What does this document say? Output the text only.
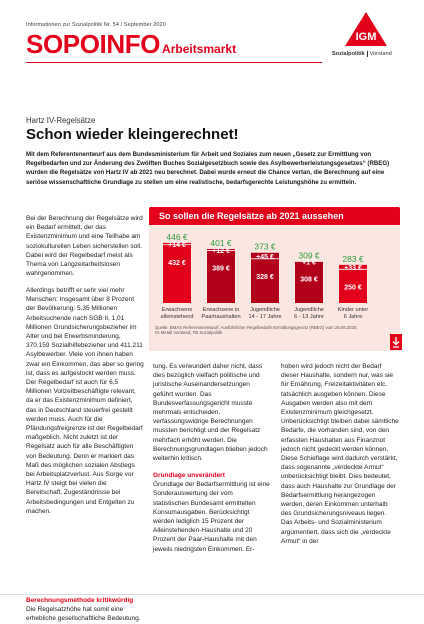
Informationen zur Sozialpolitik Nr. 54 / September 2020
SOPOINFO Arbeitsmarkt
IGM
Sozialpolitik Vorstand
Hartz IV-Regelsätze
Schon wieder kleingerechnet!
Mit dem Referentenentwurf aus dem Bundesministerium für Arbeit und Soziales zum neuen „Gesetz zur Ermittlung von Regelbedarfen und zur Änderung des Zwölften Buches Sozialgesetzbuch sowie des Asylbewerberleistungsgesetzes“ (RBEG) wurden die Regelsätze von Hartz IV ab 2021 neu berechnet. Dabei wurde erneut die Chance vertan, die Berechnung auf eine seriöse wissenschaftliche Grundlage zu stellen um eine realistische, bedarfsgerechte Leistungshöhe zu ermitteln.
Bei der Berechnung der Regelsätze wird ein Bedarf ermittelt, der das Existenzminimum und eine Teilhabe am soziokulturellen Leben sicherstellen soll. Dabei wird der Regelbedarf meist als Thema von Langzeitarbeitslosen wahrgenommen.
Allerdings betrifft er sehr viel mehr Menschen: Insgesamt über 8 Prozent der Bevölkerung: 5,35 Millionen Arbeitsuchende nach SGB II, 1,01 Millionen Grundsicherungsbezieher im Alter und bei Erwerbsminderung, 370.159 Sozialhilfebezieher und 411.211 Asylbewerber. Viele von ihnen haben zwar ein Einkommen, das aber so gering ist, dass es aufgestockt werden muss. Der Regelbedarf ist auch für 6,5 Millionen Vollzeitbeschäftigte relevant, da er das Existenzminimum definiert, das in Deutschland steuerfrei gestellt werden muss. Auch für die Pfändungsfreigrenze ist der Regelbedarf maßgeblich. Nicht zuletzt ist der Regelsatz auch für alle Beschäftigten von Bedeutung. Denn er markiert das Maß des möglichen sozialen Abstiegs bei Arbeitsplatzverlust. Aus Sorge vor Hartz IV steigt bei vielen die Bereitschaft, Zugeständnisse bei Arbeitsbedingungen und Entgelten zu machen.
Berechnungsmethode kritikwürdig
Die Regelsatzhöhe hat somit eine erhebliche gesellschaftliche Bedeutung.
So sollen die Regelsätze ab 2021 aussehen
+14 €
432 €
446 €
Erwachsene
alleinstehend
+12 €
389 €
401 €
Erwachsene in
Paarhaushalten
+45 €
328 €
373 €
Jugendliche
14 - 17 Jahre
+1 €
308 €
309 €
Jugendliche
6 - 13 Jahre
+33 €
250 €
283 €
Kinder unter
6 Jahre
Quelle: BMAS Referentenentwurf, Ausführlicher Regelbedarfs-Ermittlungsgesetz (RBEG) vom 28.08.2020,
IG Metall Vorstand, FB Sozialpolitik
tung. Es verwundert daher nicht, dass dies bezüglich vielfach politische und juristische Auseinandersetzungen geführt wurden. Das Bundesverfassungsgericht musste mehrmals entscheiden, verfassungswidrige Berechnungen mussten berichtigt und der Regelsatz mehrfach erhöht werden. Die Berechnungsgrundlagen blieben jedoch weiterhin kritisch.
Grundlage unverändert
Grundlage der Bedarfsermittlung ist eine Sonderauswertung der vom statistischen Bundesamt ermittelten Konsumausgaben. Berücksichtigt werden lediglich 15 Prozent der Alleinstehenden-Haushalte und 20 Prozent der Paar-Haushalte mit den jeweils niedrigsten Einkommen. Er-
hoben wird jedoch nicht der Bedarf dieser Haushalte, sondern nur, was sie für Ernährung, Freizeitaktivitäten etc. tatsächlich ausgeben können. Diese Ausgaben werden also mit dem Existenzminimum gleichgesetzt. Unberücksichtigt bleiben dabei sämtliche Bedarfe, die vorhanden sind, von den erfassten Haushalten aus Finanznot jedoch nicht gedeckt werden können. Diese Schieflage wird dadurch verstärkt, dass sogenannte „verdeckte Armut“ unberücksichtigt bleibt. Dies bedeutet, dass auch Haushalte zur Grundlage der Bedarfsermittlung herangezogen werden, deren Einkommen unterhalb des Grundsicherungsniveaus liegen. Das Arbeits- und Sozialministerium argumentiert, dass sich die „verdeckte Armut“ in der
